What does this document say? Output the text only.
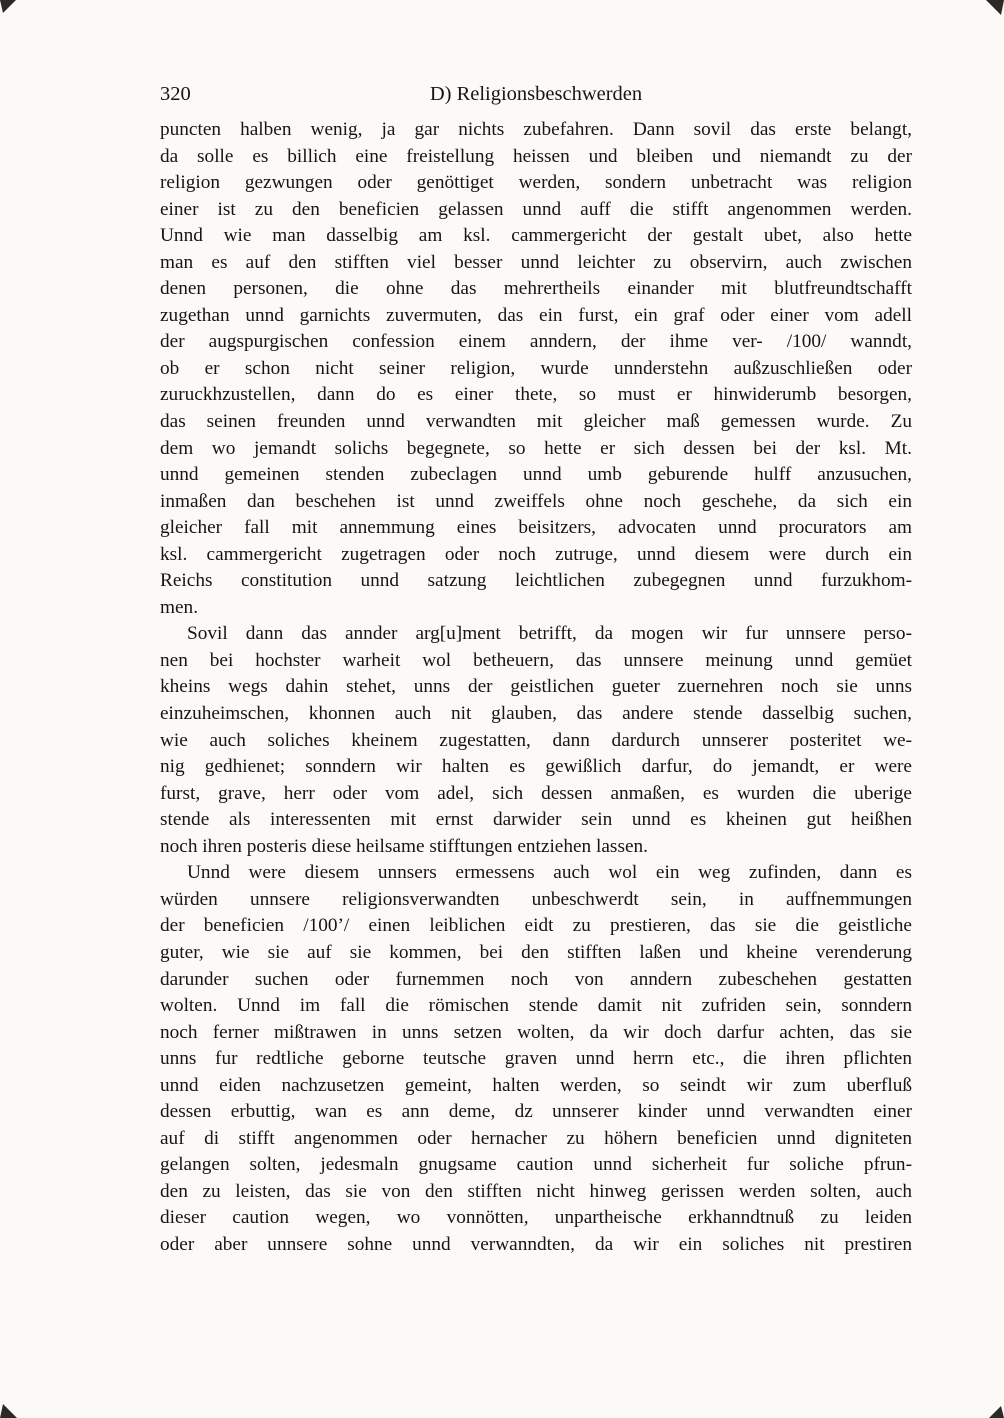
320	D) Religionsbeschwerden
puncten halben wenig, ja gar nichts zubefahren. Dann sovil das erste belangt,
da solle es billich eine freistellung heissen und bleiben und niemandt zu der
religion gezwungen oder genöttiget werden, sondern unbetracht was religion
einer ist zu den beneficien gelassen unnd auff die stifft angenommen werden.
Unnd wie man dasselbig am ksl. cammergericht der gestalt ubet, also hette
man es auf den stifften viel besser unnd leichter zu observirn, auch zwischen
denen personen, die ohne das mehrertheils einander mit blutfreundtschafft
zugethan unnd garnichts zuvermuten, das ein furst, ein graf oder einer vom adell
der augspurgischen confession einem anndern, der ihme ver- /100/ wanndt,
ob er schon nicht seiner religion, wurde unnderstehn außzuschließen oder
zuruckhzustellen, dann do es einer thete, so must er hinwiderumb besorgen,
das seinen freunden unnd verwandten mit gleicher maß gemessen wurde. Zu
dem wo jemandt solichs begegnete, so hette er sich dessen bei der ksl. Mt.
unnd gemeinen stenden zubeclagen unnd umb geburende hulff anzusuchen,
inmaßen dan beschehen ist unnd zweiffels ohne noch geschehe, da sich ein
gleicher fall mit annemmung eines beisitzers, advocaten unnd procurators am
ksl. cammergericht zugetragen oder noch zutruge, unnd diesem were durch ein
Reichs constitution unnd satzung leichtlichen zubegegnen unnd furzukhom-
men.
Sovil dann das annder arg[u]ment betrifft, da mogen wir fur unnsere perso-
nen bei hochster warheit wol betheuern, das unnsere meinung unnd gemüet
kheins wegs dahin stehet, unns der geistlichen gueter zuernehren noch sie unns
einzuheimschen, khonnen auch nit glauben, das andere stende dasselbig suchen,
wie auch soliches kheinem zugestatten, dann dardurch unnserer posteritet we-
nig gedhienet; sonndern wir halten es gewißlich darfur, do jemandt, er were
furst, grave, herr oder vom adel, sich dessen anmaßen, es wurden die uberige
stende als interessenten mit ernst darwider sein unnd es kheinen gut heißhen
noch ihren posteris diese heilsame stifftungen entziehen lassen.
Unnd were diesem unnsers ermessens auch wol ein weg zufinden, dann es
würden unnsere religionsverwandten unbeschwerdt sein, in auffnemmungen
der beneficien /100’/ einen leiblichen eidt zu prestieren, das sie die geistliche
guter, wie sie auf sie kommen, bei den stifften laßen und kheine verenderung
darunder suchen oder furnemmen noch von anndern zubeschehen gestatten
wolten. Unnd im fall die römischen stende damit nit zufriden sein, sonndern
noch ferner mißtrawen in unns setzen wolten, da wir doch darfur achten, das sie
unns fur redtliche geborne teutsche graven unnd herrn etc., die ihren pflichten
unnd eiden nachzusetzen gemeint, halten werden, so seindt wir zum uberfluß
dessen erbuttig, wan es ann deme, dz unnserer kinder unnd verwandten einer
auf di stifft angenommen oder hernacher zu höhern beneficien unnd digniteten
gelangen solten, jedesmaln gnugsame caution unnd sicherheit fur soliche pfrun-
den zu leisten, das sie von den stifften nicht hinweg gerissen werden solten, auch
dieser caution wegen, wo vonnötten, unpartheische erkhanndtnuß zu leiden
oder aber unnsere sohne unnd verwanndten, da wir ein soliches nit prestiren
